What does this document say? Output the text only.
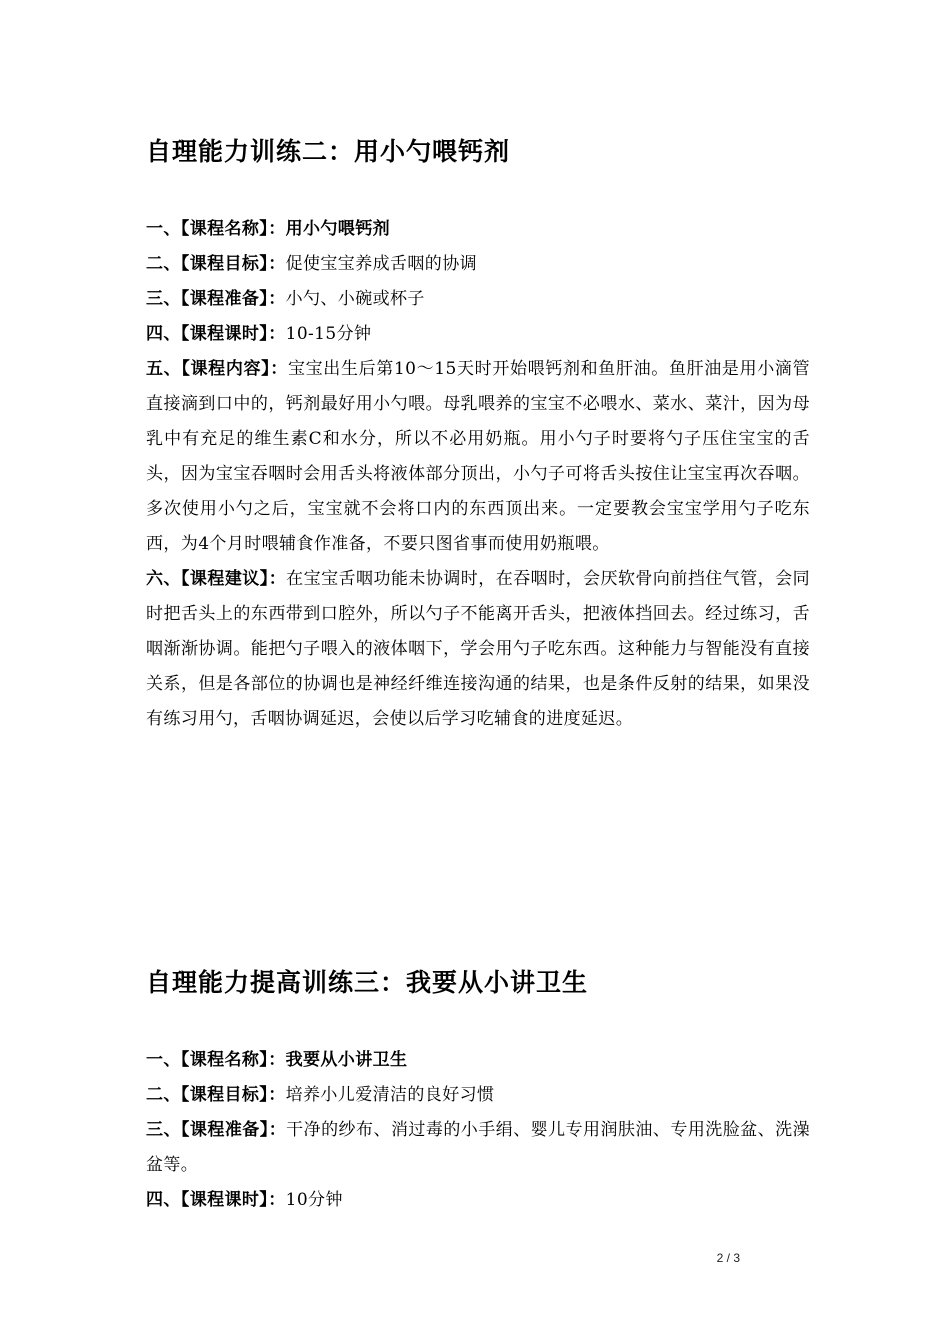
自理能力训练二：用小勺喂钙剂
一、【课程名称】：用小勺喂钙剂
二、【课程目标】：促使宝宝养成舌咽的协调
三、【课程准备】：小勺、小碗或杯子
四、【课程课时】：10-15分钟
五、【课程内容】：宝宝出生后第10～15天时开始喂钙剂和鱼肝油。鱼肝油是用小滴管直接滴到口中的，钙剂最好用小勺喂。母乳喂养的宝宝不必喂水、菜水、菜汁，因为母乳中有充足的维生素C和水分，所以不必用奶瓶。用小勺子时要将勺子压住宝宝的舌头，因为宝宝吞咽时会用舌头将液体部分顶出，小勺子可将舌头按住让宝宝再次吞咽。多次使用小勺之后，宝宝就不会将口内的东西顶出来。一定要教会宝宝学用勺子吃东西，为4个月时喂辅食作准备，不要只图省事而使用奶瓶喂。
六、【课程建议】：在宝宝舌咽功能未协调时，在吞咽时，会厌软骨向前挡住气管，会同时把舌头上的东西带到口腔外，所以勺子不能离开舌头，把液体挡回去。经过练习，舌咽渐渐协调。能把勺子喂入的液体咽下，学会用勺子吃东西。这种能力与智能没有直接关系，但是各部位的协调也是神经纤维连接沟通的结果，也是条件反射的结果，如果没有练习用勺，舌咽协调延迟，会使以后学习吃辅食的进度延迟。
自理能力提高训练三：我要从小讲卫生
一、【课程名称】：我要从小讲卫生
二、【课程目标】：培养小儿爱清洁的良好习惯
三、【课程准备】：干净的纱布、消过毒的小手绢、婴儿专用润肤油、专用洗脸盆、洗澡盆等。
四、【课程课时】：10分钟
2 / 3
